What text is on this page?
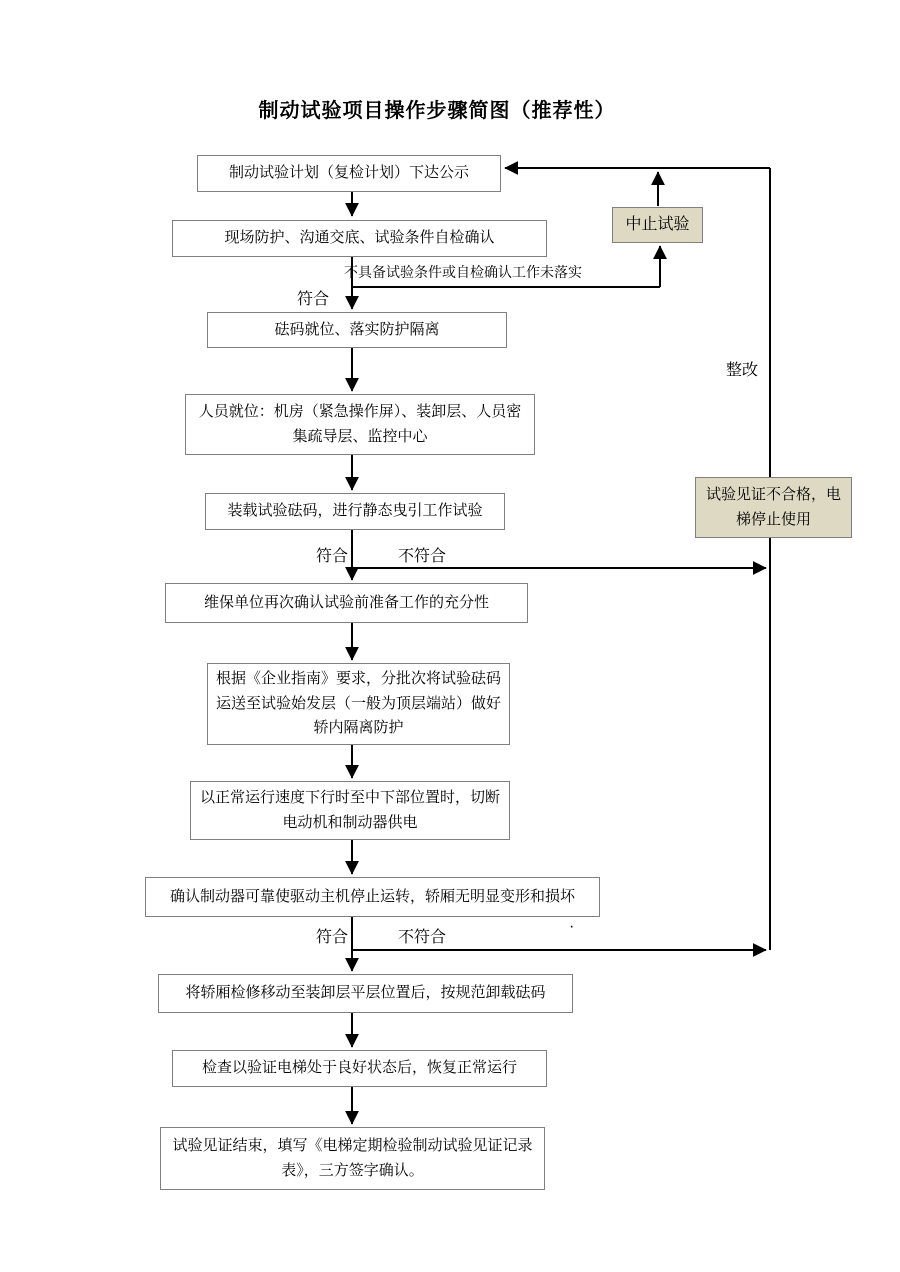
制动试验项目操作步骤简图（推荐性）
制动试验计划（复检计划）下达公示
现场防护、沟通交底、试验条件自检确认
砝码就位、落实防护隔离
人员就位：机房（紧急操作屏）、装卸层、人员密集疏导层、监控中心
装载试验砝码，进行静态曳引工作试验
维保单位再次确认试验前准备工作的充分性
根据《企业指南》要求，分批次将试验砝码运送至试验始发层（一般为顶层端站）做好轿内隔离防护
以正常运行速度下行时至中下部位置时，切断电动机和制动器供电
确认制动器可靠使驱动主机停止运转，轿厢无明显变形和损坏
将轿厢检修移动至装卸层平层位置后，按规范卸载砝码
检查以验证电梯处于良好状态后，恢复正常运行
试验见证结束，填写《电梯定期检验制动试验见证记录表》，三方签字确认。
中止试验
试验见证不合格，电梯停止使用
不具备试验条件或自检确认工作未落实
符合
符合	不符合
符合	不符合
整改
·
